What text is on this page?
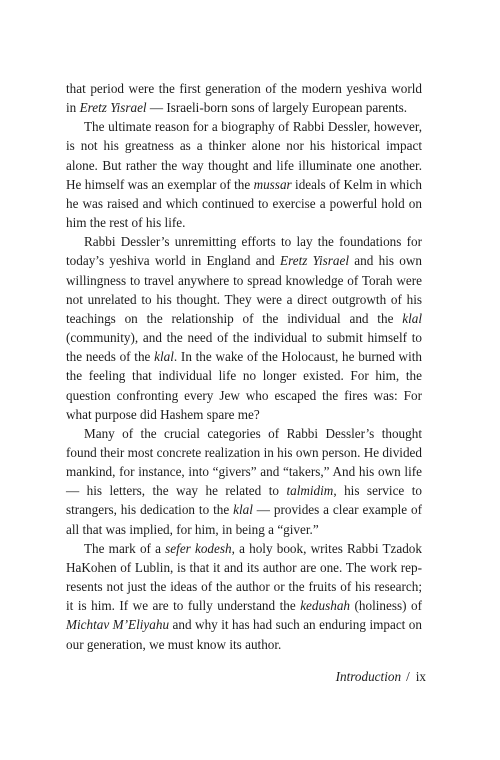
that period were the first generation of the modern yeshiva world in Eretz Yisrael — Israeli-born sons of largely European parents.

The ultimate reason for a biography of Rabbi Dessler, however, is not his greatness as a thinker alone nor his historical impact alone. But rather the way thought and life illuminate one another. He himself was an exemplar of the mussar ideals of Kelm in which he was raised and which continued to exercise a powerful hold on him the rest of his life.

Rabbi Dessler’s unremitting efforts to lay the foundations for today’s yeshiva world in England and Eretz Yisrael and his own willingness to travel anywhere to spread knowledge of Torah were not unrelated to his thought. They were a direct outgrowth of his teachings on the relationship of the individual and the klal (community), and the need of the individual to submit himself to the needs of the klal. In the wake of the Holocaust, he burned with the feeling that individual life no longer existed. For him, the question confronting every Jew who escaped the fires was: For what purpose did Hashem spare me?

Many of the crucial categories of Rabbi Dessler’s thought found their most concrete realization in his own person. He divided mankind, for instance, into “givers” and “takers,” And his own life — his letters, the way he related to talmidim, his service to strangers, his dedication to the klal — provides a clear example of all that was implied, for him, in being a “giver.”

The mark of a sefer kodesh, a holy book, writes Rabbi Tzadok HaKohen of Lublin, is that it and its author are one. The work represents not just the ideas of the author or the fruits of his research; it is him. If we are to fully understand the kedushah (holiness) of Michtav M’Eliyahu and why it has had such an enduring impact on our generation, we must know its author.

Introduction / ix
